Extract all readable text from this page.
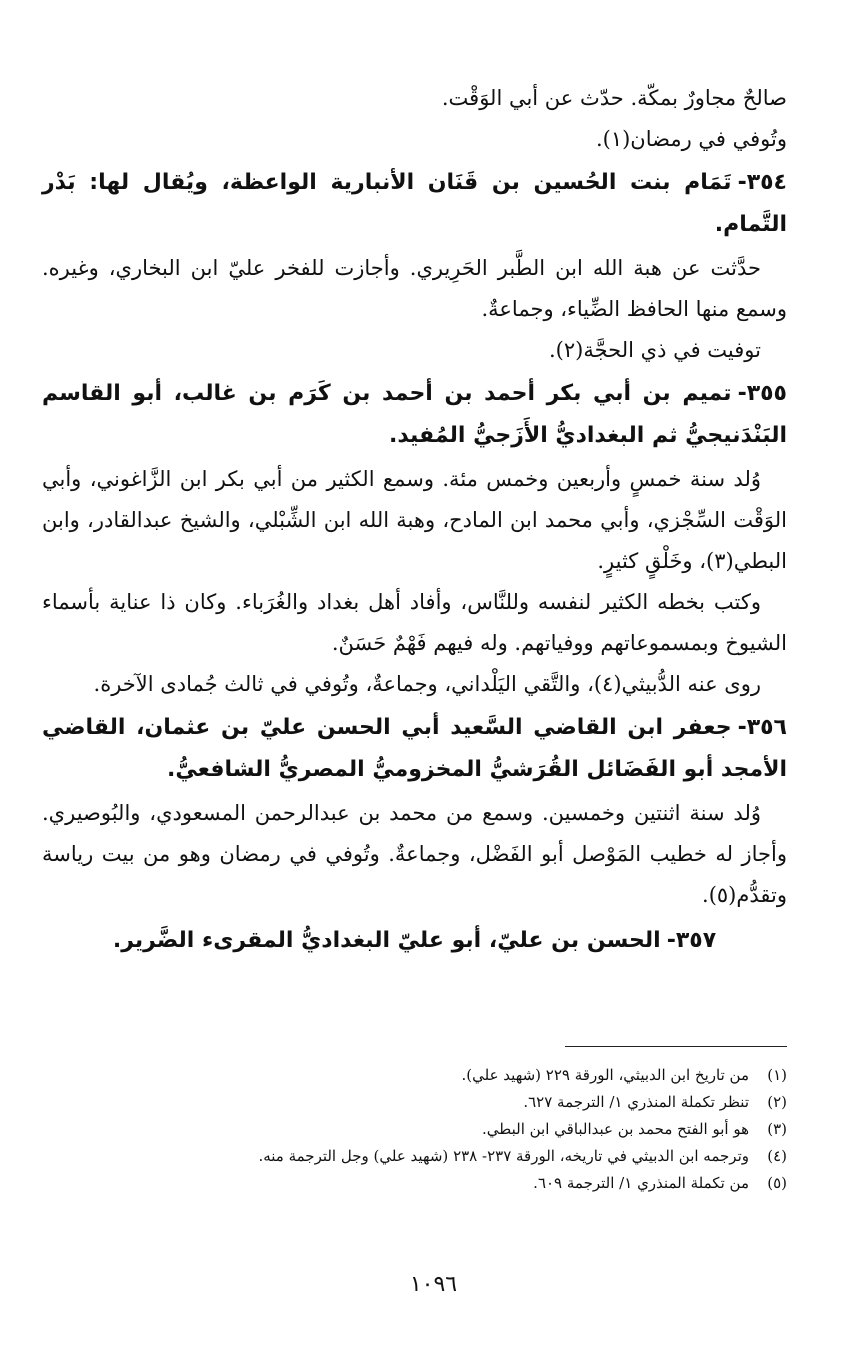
صالحٌ مجاورٌ بمكّة. حدّث عن أبي الوَقْت.

وتُوفي في رمضان(١).

٣٥٤-تَمَام بنت الحُسين بن قَنَان الأنبارية الواعظة، ويُقال لها: بَدْر التَّمام.

حدَّثت عن هبة الله ابن الطَّبر الحَرِيري. وأجازت للفخر عليّ ابن البخاري، وغيره. وسمع منها الحافظ الضِّياء، وجماعةٌ.

توفيت في ذي الحجَّة(٢).

٣٥٥-تميم بن أبي بكر أحمد بن أحمد بن كَرَم بن غالب، أبو القاسم البَنْدَنيجيُّ ثم البغداديُّ الأَزَجيُّ المُفيد.

وُلد سنة خمسٍ وأربعين وخمس مئة. وسمع الكثير من أبي بكر ابن الزَّاغوني، وأبي الوَقْت السِّجْزي، وأبي محمد ابن المادح، وهبة الله ابن الشِّبْلي، والشيخ عبدالقادر، وابن البطي(٣)، وخَلْقٍ كثيرٍ.

وكتب بخطه الكثير لنفسه وللنَّاس، وأفاد أهل بغداد والغُرَباء. وكان ذا عناية بأسماء الشيوخ وبمسموعاتهم ووفياتهم. وله فيهم فَهْمٌ حَسَنٌ.

روى عنه الدُّبيثي(٤)، والتَّقي اليَلْداني، وجماعةٌ، وتُوفي في ثالث جُمادى الآخرة.

٣٥٦-جعفر ابن القاضي السَّعيد أبي الحسن عليّ بن عثمان، القاضي الأمجد أبو الفَضَائل القُرَشيُّ المخزوميُّ المصريُّ الشافعيُّ.

وُلد سنة اثنتين وخمسين. وسمع من محمد بن عبدالرحمن المسعودي، والبُوصيري. وأجاز له خطيب المَوْصل أبو الفَضْل، وجماعةٌ. وتُوفي في رمضان وهو من بيت رياسة وتقدُّم(٥).

٣٥٧-الحسن بن عليّ، أبو عليّ البغداديُّ المقرىء الضَّرير.

(١)
من تاريخ ابن الدبيثي، الورقة ٢٢٩ (شهيد علي).

(٢)
تنظر تكملة المنذري ١/ الترجمة ٦٢٧.

(٣)
هو أبو الفتح محمد بن عبدالباقي ابن البطي.

(٤)
وترجمه ابن الدبيثي في تاريخه، الورقة ٢٣٧- ٢٣٨ (شهيد علي) وجل الترجمة منه.

(٥)
من تكملة المنذري ١/ الترجمة ٦٠٩.

١٠٩٦
